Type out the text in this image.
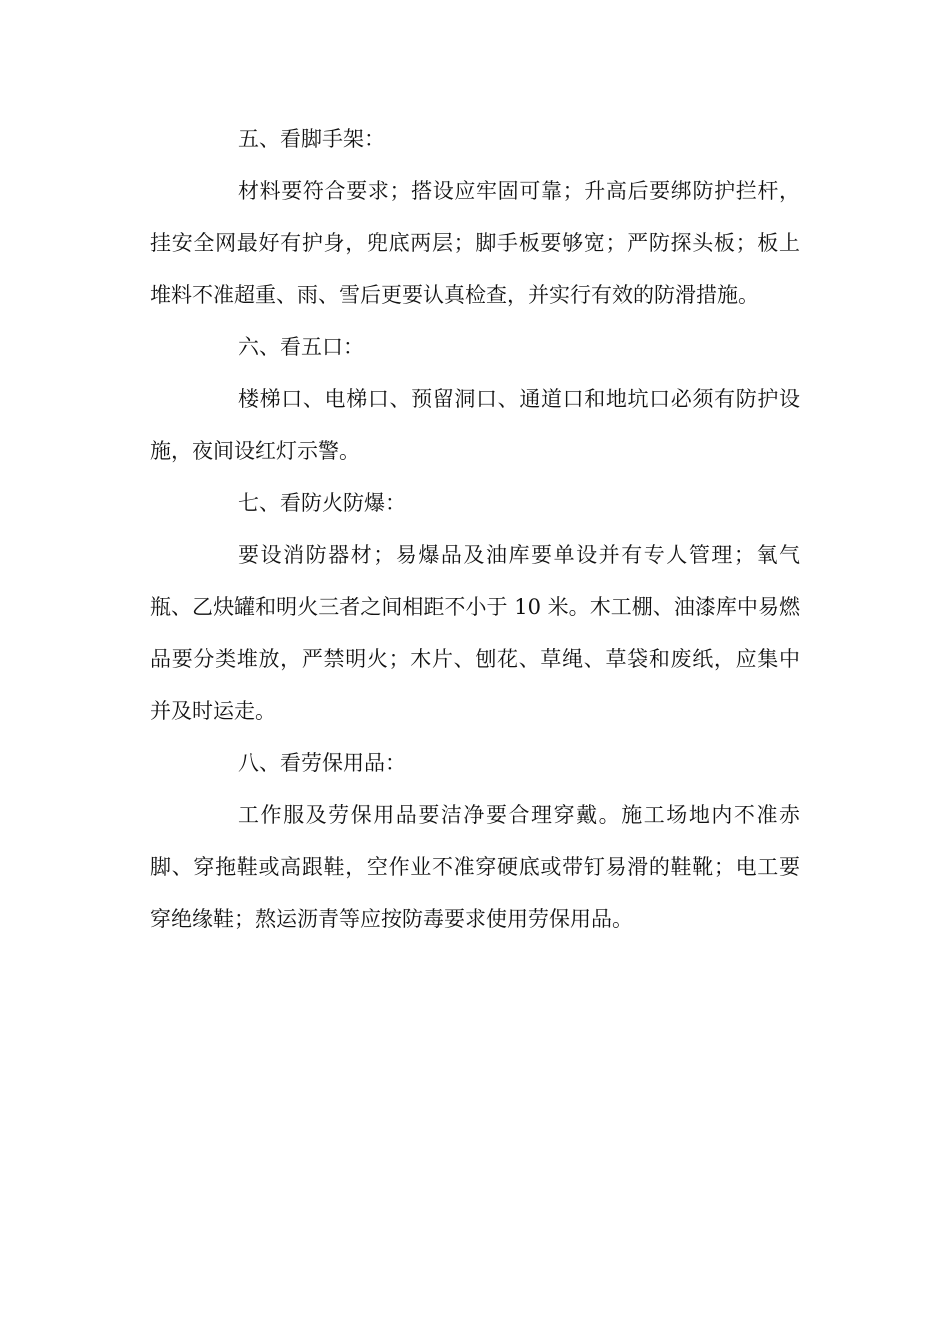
五、看脚手架：

材料要符合要求；搭设应牢固可靠；升高后要绑防护拦杆，挂安全网最好有护身，兜底两层；脚手板要够宽；严防探头板；板上堆料不准超重、雨、雪后更要认真检查，并实行有效的防滑措施。

六、看五口：

楼梯口、电梯口、预留洞口、通道口和地坑口必须有防护设施，夜间设红灯示警。

七、看防火防爆：

要设消防器材；易爆品及油库要单设并有专人管理；氧气瓶、乙炔罐和明火三者之间相距不小于 10 米。木工棚、油漆库中易燃品要分类堆放，严禁明火；木片、刨花、草绳、草袋和废纸，应集中并及时运走。

八、看劳保用品：

工作服及劳保用品要洁净要合理穿戴。施工场地内不准赤脚、穿拖鞋或高跟鞋，空作业不准穿硬底或带钉易滑的鞋靴；电工要穿绝缘鞋；熬运沥青等应按防毒要求使用劳保用品。
